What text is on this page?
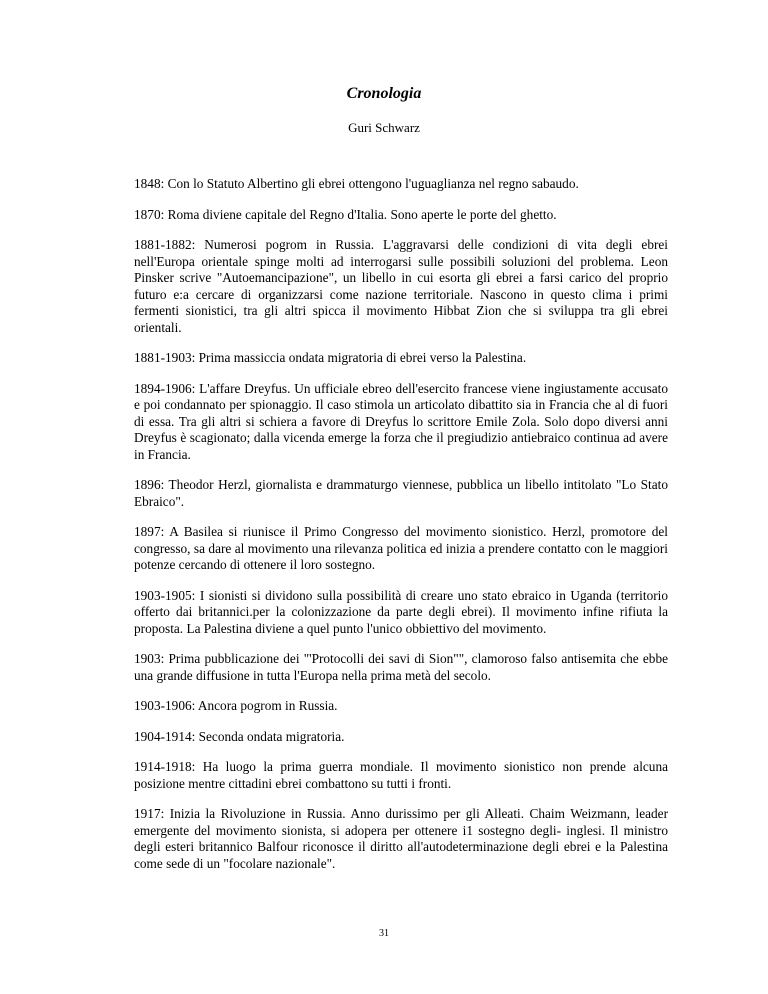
Cronologia
Guri Schwarz

1848: Con lo Statuto Albertino gli ebrei ottengono l'uguaglianza nel regno sabaudo.

1870: Roma diviene capitale del Regno d'Italia. Sono aperte le porte del ghetto.

1881-1882: Numerosi pogrom in Russia. L'aggravarsi delle condizioni di vita degli ebrei nell'Europa orientale spinge molti ad interrogarsi sulle possibili soluzioni del problema. Leon Pinsker scrive "Autoemancipazione", un libello in cui esorta gli ebrei a farsi carico del proprio futuro e:a cercare di organizzarsi come nazione territoriale. Nascono in questo clima i primi fermenti sionistici, tra gli altri spicca il movimento Hibbat Zion che si sviluppa tra gli ebrei orientali.

1881-1903: Prima massiccia ondata migratoria di ebrei verso la Palestina.

1894-1906: L'affare Dreyfus. Un ufficiale ebreo dell'esercito francese viene ingiustamente accusato e poi condannato per spionaggio. Il caso stimola un articolato dibattito sia in Francia che al di fuori di essa. Tra gli altri si schiera a favore di Dreyfus lo scrittore Emile Zola. Solo dopo diversi anni Dreyfus è scagionato; dalla vicenda emerge la forza che il pregiudizio antiebraico continua ad avere in Francia.

1896: Theodor Herzl, giornalista e drammaturgo viennese, pubblica un libello intitolato "Lo Stato Ebraico".

1897: A Basilea si riunisce il Primo Congresso del movimento sionistico. Herzl, promotore del congresso, sa dare al movimento una rilevanza politica ed inizia a prendere contatto con le maggiori potenze cercando di ottenere il loro sostegno.

1903-1905: I sionisti si dividono sulla possibilità di creare uno stato ebraico in Uganda (territorio offerto dai britannici.per la colonizzazione da parte degli ebrei). Il movimento infine rifiuta la proposta. La Palestina diviene a quel punto l'unico obbiettivo del movimento.

1903: Prima pubblicazione dei "'Protocolli dei savi di Sion"", clamoroso falso antisemita che ebbe una grande diffusione in tutta l'Europa nella prima metà del secolo.

1903-1906: Ancora pogrom in Russia.

1904-1914: Seconda ondata migratoria.

1914-1918: Ha luogo la prima guerra mondiale. Il movimento sionistico non prende alcuna posizione mentre cittadini ebrei combattono su tutti i fronti.

1917: Inizia la Rivoluzione in Russia. Anno durissimo per gli Alleati. Chaim Weizmann, leader emergente del movimento sionista, si adopera per ottenere i1 sostegno degli- inglesi. Il ministro degli esteri britannico Balfour riconosce il diritto all'autodeterminazione degli ebrei e la Palestina come sede di un "focolare nazionale".

31
